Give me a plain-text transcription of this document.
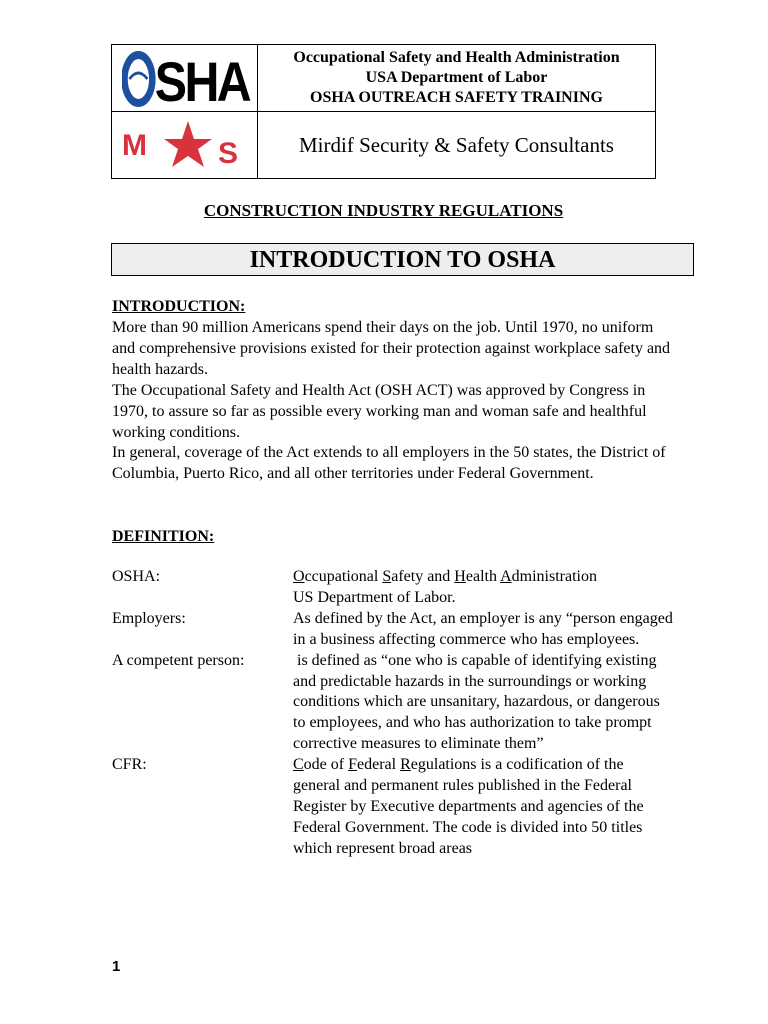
SHA
M S
Occupational Safety and Health Administration
USA Department of Labor
OSHA OUTREACH SAFETY TRAINING
Mirdif Security & Safety Consultants
CONSTRUCTION INDUSTRY REGULATIONS
INTRODUCTION TO OSHA
INTRODUCTION:

More than 90 million Americans spend their days on the job. Until 1970, no uniform and comprehensive provisions existed for their protection against workplace safety and health hazards.

The Occupational Safety and Health Act (OSH ACT) was approved by Congress in 1970, to assure so far as possible every working man and woman safe and healthful working conditions.

In general, coverage of the Act extends to all employers in the 50 states, the District of Columbia, Puerto Rico, and all other territories under Federal Government.

DEFINITION:
OSHA:	Occupational Safety and Health Administration
US Department of Labor.
Employers:	As defined by the Act, an employer is any “person engaged in a business affecting commerce who has employees.
A competent person:	is defined as “one who is capable of identifying existing and predictable hazards in the surroundings or working conditions which are unsanitary, hazardous, or dangerous to employees, and who has authorization to take prompt corrective measures to eliminate them”
CFR:	Code of Federal Regulations is a codification of the general and permanent rules published in the Federal Register by Executive departments and agencies of the Federal Government. The code is divided into 50 titles which represent broad areas
1
